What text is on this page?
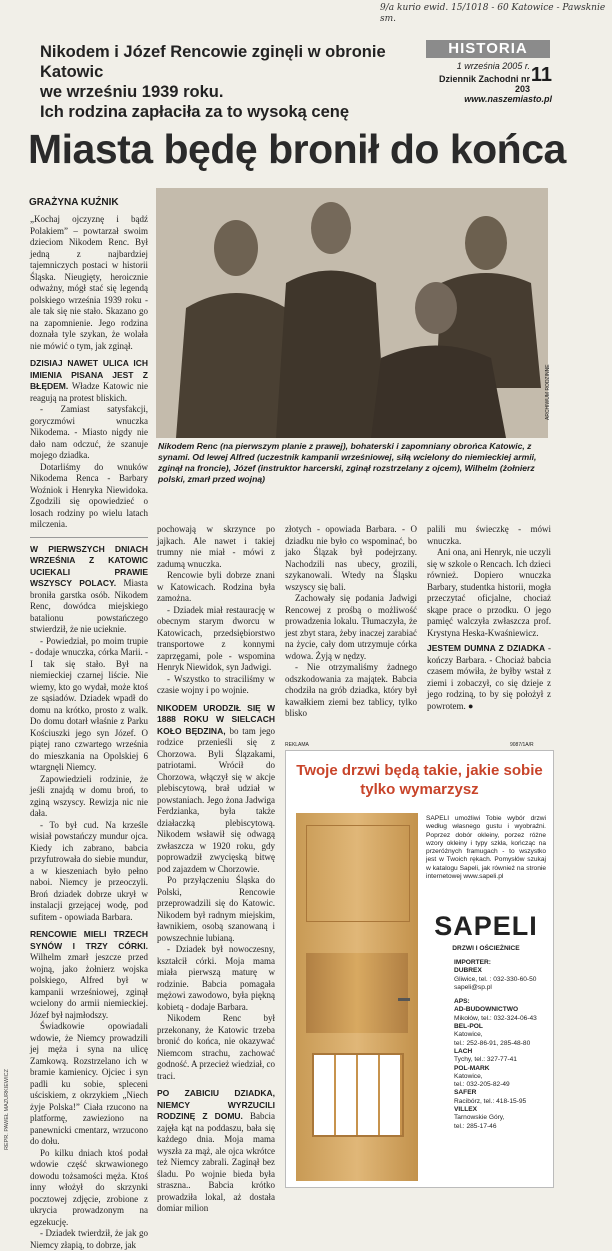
9/a kurio ewid. 15/1018 - 60 Katowice - Pawsknie sm.
Nikodem i Józef Rencowie zginęli w obronie Katowic
we wrześniu 1939 roku.
Ich rodzina zapłaciła za to wysoką cenę
HISTORIA
1 września 2005 r.
Dziennik Zachodni nr 203
11
www.naszemiasto.pl
Miasta będę bronił do końca
GRAŻYNA KUŹNIK
ARCHIWUM RODZINNE
Nikodem Renc (na pierwszym planie z prawej), bohaterski i zapomniany obrońca Katowic, z synami. Od lewej Alfred (uczestnik kampanii wrześniowej, siłą wcielony do niemieckiej armii, zginął na froncie), Józef (instruktor harcerski, zginął rozstrzelany z ojcem), Wilhelm (żołnierz polski, zmarł przed wojną)

„Kochaj ojczyznę i bądź Polakiem” – powtarzał swoim dzieciom Nikodem Renc. Był jedną z najbardziej tajemniczych postaci w historii Śląska. Nieugięty, heroicznie odważny, mógł stać się legendą polskiego września 1939 roku - ale tak się nie stało. Skazano go na zapomnienie. Jego rodzina doznała tyle szykan, że wolała nie mówić o tym, jak zginął.

DZISIAJ NAWET ULICA ICH IMIENIA PISANA JEST Z BŁĘDEM. Władze Katowic nie reagują na protest bliskich.

- Zamiast satysfakcji, goryczmówi wnuczka Nikodema. - Miasto nigdy nie dało nam odczuć, że szanuje mojego dziadka.

Dotarliśmy do wnuków Nikodema Renca - Barbary Woźniok i Henryka Niewidoka. Zgodzili się opowiedzieć o losach rodziny po wielu latach milczenia.

W PIERWSZYCH DNIACH WRZEŚNIA Z KATOWIC UCIEKALI PRAWIE WSZYSCY POLACY. Miasta broniła garstka osób. Nikodem Renc, dowódca miejskiego batalionu powstańczego stwierdził, że nie ucieknie.

- Powiedział, po moim trupie - dodaje wnuczka, córka Marii. - I tak się stało. Był na niemieckiej czarnej liście. Nie wiemy, kto go wydał, może ktoś ze sąsiadów. Dziadek wpadł do domu na krótko, prosto z walk. Do domu dotarł właśnie z Parku Kościuszki jego syn Józef. O piątej rano czwartego września do mieszkania na Opolskiej 6 wtargnęli Niemcy.

Zapowiedzieli rodzinie, że jeśli znajdą w domu broń, to zginą wszyscy. Rewizja nic nie dała.

- To był cud. Na krześle wisiał powstańczy mundur ojca. Kiedy ich zabrano, babcia przyfutrowała do siebie mundur, a w kieszeniach było pełno naboi. Niemcy je przeoczyli. Broń dziadek dobrze ukrył w instalacji grzejącej wodę, pod sufitem - opowiada Barbara.

RENCOWIE MIELI TRZECH SYNÓW I TRZY CÓRKI. Wilhelm zmarł jeszcze przed wojną, jako żołnierz wojska polskiego, Alfred był w kampanii wrześniowej, zginął wcielony do armii niemieckiej. Józef był najmłodszy.

Świadkowie opowiadali wdowie, że Niemcy prowadzili jej męża i syna na ulicę Zamkową. Rozstrzelano ich w bramie kamienicy. Ojciec i syn padli ku sobie, spleceni uściskiem, z okrzykiem „Niech żyje Polska!” Ciała rzucono na platformę, zawieziono na panewnicki cmentarz, wrzucono do dołu.

Po kilku dniach ktoś podał wdowie część skrwawionego dowodu tożsamości męża. Ktoś inny włożył do skrzynki pocztowej zdjęcie, zrobione z ukrycia prowadzonym na egzekucję.

- Dziadek twierdził, że jak go Niemcy złapią, to dobrze, jak

pochowają w skrzynce po jajkach. Ale nawet i takiej trumny nie miał - mówi z zadumą wnuczka.

Rencowie byli dobrze znani w Katowicach. Rodzina była zamożna.

- Dziadek miał restaurację w obecnym starym dworcu w Katowicach, przedsiębiorstwo transportowe z konnymi zaprzęgami, pole - wspomina Henryk Niewidok, syn Jadwigi.

- Wszystko to straciliśmy w czasie wojny i po wojnie.

NIKODEM URODZIŁ SIĘ W 1888 ROKU W SIELCACH KOŁO BĘDZINA, bo tam jego rodzice przenieśli się z Chorzowa. Byli Ślązakami, patriotami. Wrócił do Chorzowa, włączył się w akcje plebiscytową, brał udział w powstaniach. Jego żona Jadwiga Ferdzianka, była także działaczką plebiscytową. Nikodem wsławił się odwagą zwłaszcza w 1920 roku, gdy poprowadził zwycięską bitwę pod zajazdem w Chorzowie.

Po przyłączeniu Śląska do Polski, Rencowie przeprowadzili się do Katowic. Nikodem był radnym miejskim, ławnikiem, osobą szanowaną i powszechnie lubianą.

- Dziadek był nowoczesny, kształcił córki. Moja mama miała pierwszą maturę w rodzinie. Babcia pomagała mężowi zawodowo, była piękną kobietą - dodaje Barbara.

Nikodem Renc był przekonany, że Katowic trzeba bronić do końca, nie okazywać Niemcom strachu, zachować godność. A przecież wiedział, co traci.

PO ZABICIU DZIADKA, NIEMCY WYRZUCILI RODZINĘ Z DOMU. Babcia zajęła kąt na poddaszu, bała się każdego dnia. Moja mama wyszła za mąż, ale ojca wkrótce też Niemcy zabrali. Zaginął bez śladu. Po wojnie bieda była straszna.. Babcia krótko prowadziła lokal, aż dostała domiar milion

złotych - opowiada Barbara. - O dziadku nie było co wspominać, bo jako Ślązak był podejrzany. Nachodzili nas ubecy, grozili, szykanowali. Wtedy na Śląsku wszyscy się bali.

Zachowały się podania Jadwigi Rencowej z prośbą o możliwość prowadzenia lokalu. Tłumaczyła, że jest zbyt stara, żeby inaczej zarabiać na życie, cały dom utrzymuje córka wdowa. Żyją w nędzy.

- Nie otrzymaliśmy żadnego odszkodowania za majątek. Babcia chodziła na grób dziadka, który był kawałkiem ziemi bez tablicy, tylko blisko

palili mu świeczkę - mówi wnuczka.

Ani ona, ani Henryk, nie uczyli się w szkole o Rencach. Ich dzieci również. Dopiero wnuczka Barbary, studentka historii, mogła przeczytać oficjalne, chociaż skąpe prace o przodku. O jego pamięć walczyła zwłaszcza prof. Krystyna Heska-Kwaśniewicz.

JESTEM DUMNA Z DZIADKA - kończy Barbara. - Chociaż babcia czasem mówiła, że byłby wstał z ziemi i zobaczył, co się dzieje z jego rodziną, to by się położył z powrotem. ●

REKLAMA	9087/1A/R
Twoje drzwi będą takie, jakie sobie tylko wymarzysz
SAPELI umożliwi Tobie wybór drzwi według własnego gustu i wyobraźni. Poprzez dobór okleiny, porzez różne wzory okleiny i typy szkła, kończąc na przeróżnych framugach - to wszystko jest w Twoich rękach. Pomysłów szukaj w katalogu Sapeli, jak również na stronie internetowej www.sapeli.pl
SAPELI
DRZWI I OŚCIEŻNICE
IMPORTER:
DUBREX
Gliwice, tel. : 032-330-60-50
sapeli@sp.pl
APS:
AD-BUDOWNICTWO
Mikołów, tel.: 032-324-06-43
BEL-POL
Katowice,
tel.: 252-86-91, 285-48-80
LACH
Tychy, tel.: 327-77-41
POL-MARK
Katowice,
tel.: 032-205-82-49
SAFER
Racibórz, tel.: 418-15-95
VILLEX
Tarnowskie Góry,
tel.: 285-17-46
REPR. PAWEŁ MAZURKIEWICZ
